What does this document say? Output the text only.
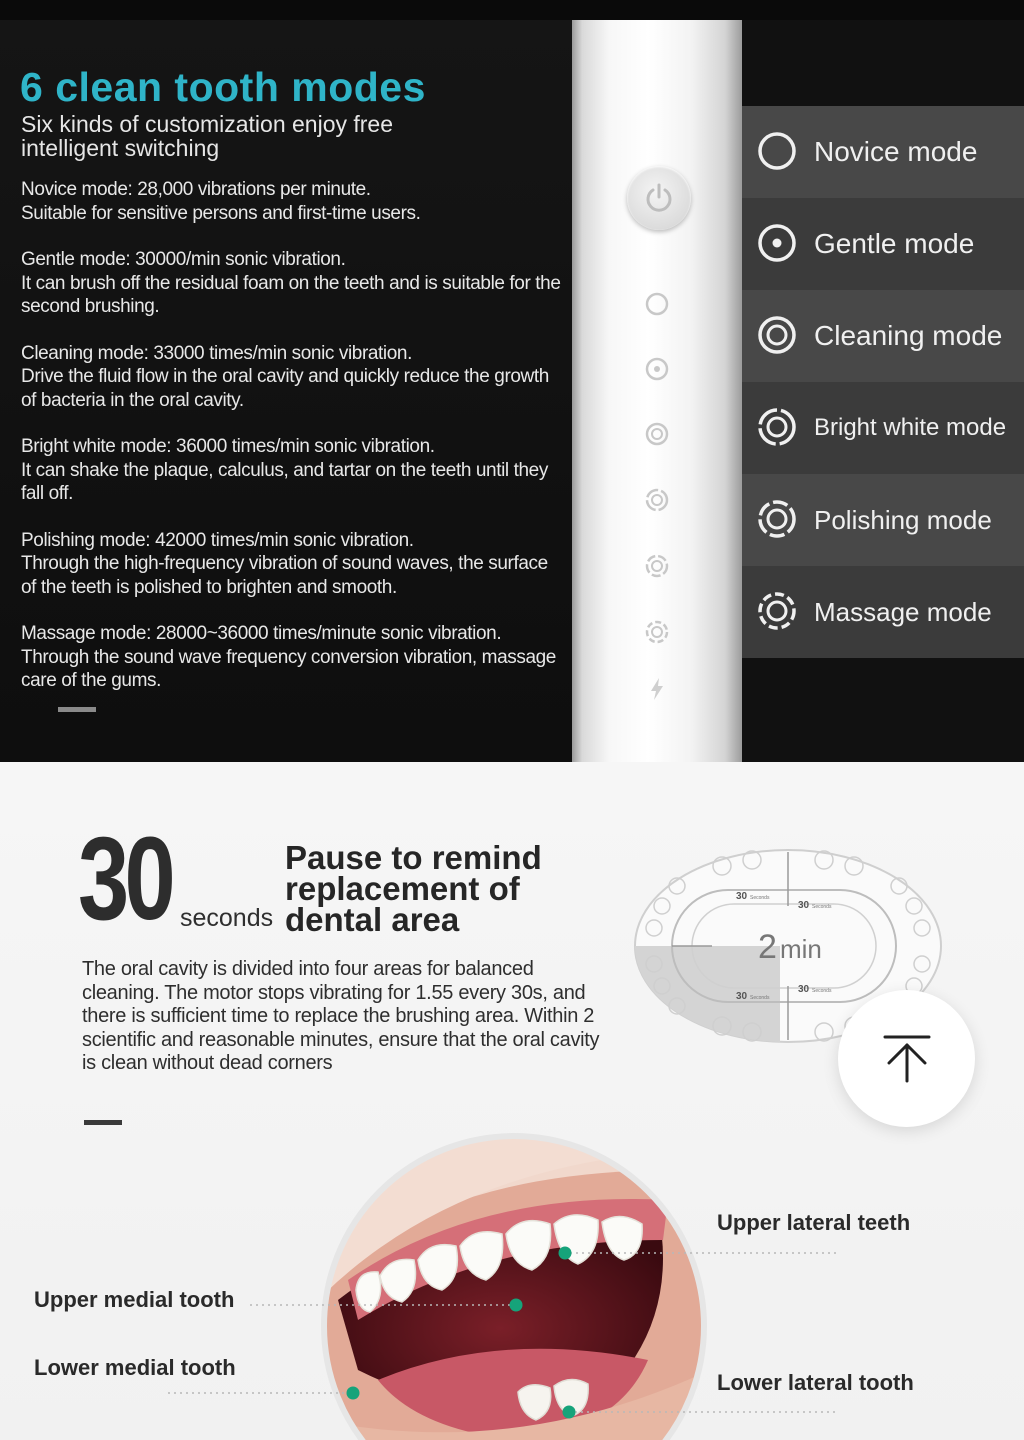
6 clean tooth modes
Six kinds of customization enjoy free intelligent switching

Novice mode: 28,000 vibrations per minute.
Suitable for sensitive persons and first-time users.

Gentle mode: 30000/min sonic vibration.
It can brush off the residual foam on the teeth and is suitable for the second brushing.

Cleaning mode: 33000 times/min sonic vibration.
Drive the fluid flow in the oral cavity and quickly reduce the growth of bacteria in the oral cavity.

Bright white mode: 36000 times/min sonic vibration.
It can shake the plaque, calculus, and tartar on the teeth until they fall off.

Polishing mode: 42000 times/min sonic vibration.
Through the high-frequency vibration of sound waves, the surface of the teeth is polished to brighten and smooth.

Massage mode: 28000~36000 times/minute sonic vibration.
Through the sound wave frequency conversion vibration, massage care of the gums.

Novice mode
Gentle mode
Cleaning mode
Bright white mode
Polishing mode
Massage mode
30 seconds
Pause to remind replacement of dental area
The oral cavity is divided into four areas for balanced cleaning. The motor stops vibrating for 1.55 every 30s, and there is sufficient time to replace the brushing area. Within 2 scientific and reasonable minutes, ensure that the oral cavity is clean without dead corners
2 min
30 Seconds
30 Seconds
30 Seconds
30 Seconds
Upper lateral teeth
Upper medial tooth
Lower medial tooth
Lower lateral tooth
